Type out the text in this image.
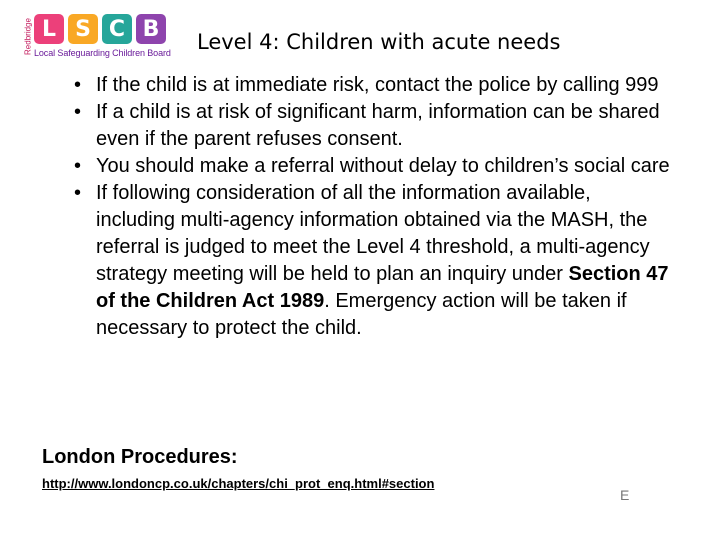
Redbridge L S C B
Local Safeguarding Children Board Level 4: Children with acute needs
• If the child is at immediate risk, contact the police by calling 999
• If a child is at risk of significant harm, information can be shared even if the parent refuses consent.
• You should make a referral without delay to children’s social care
• If following consideration of all the information available, including multi-agency information obtained via the MASH, the referral is judged to meet the Level 4 threshold, a multi-agency strategy meeting will be held to plan an inquiry under Section 47 of the Children Act 1989. Emergency action will be taken if necessary to protect the child.
London Procedures:
http://www.londoncp.co.uk/chapters/chi_prot_enq.html#section
E
